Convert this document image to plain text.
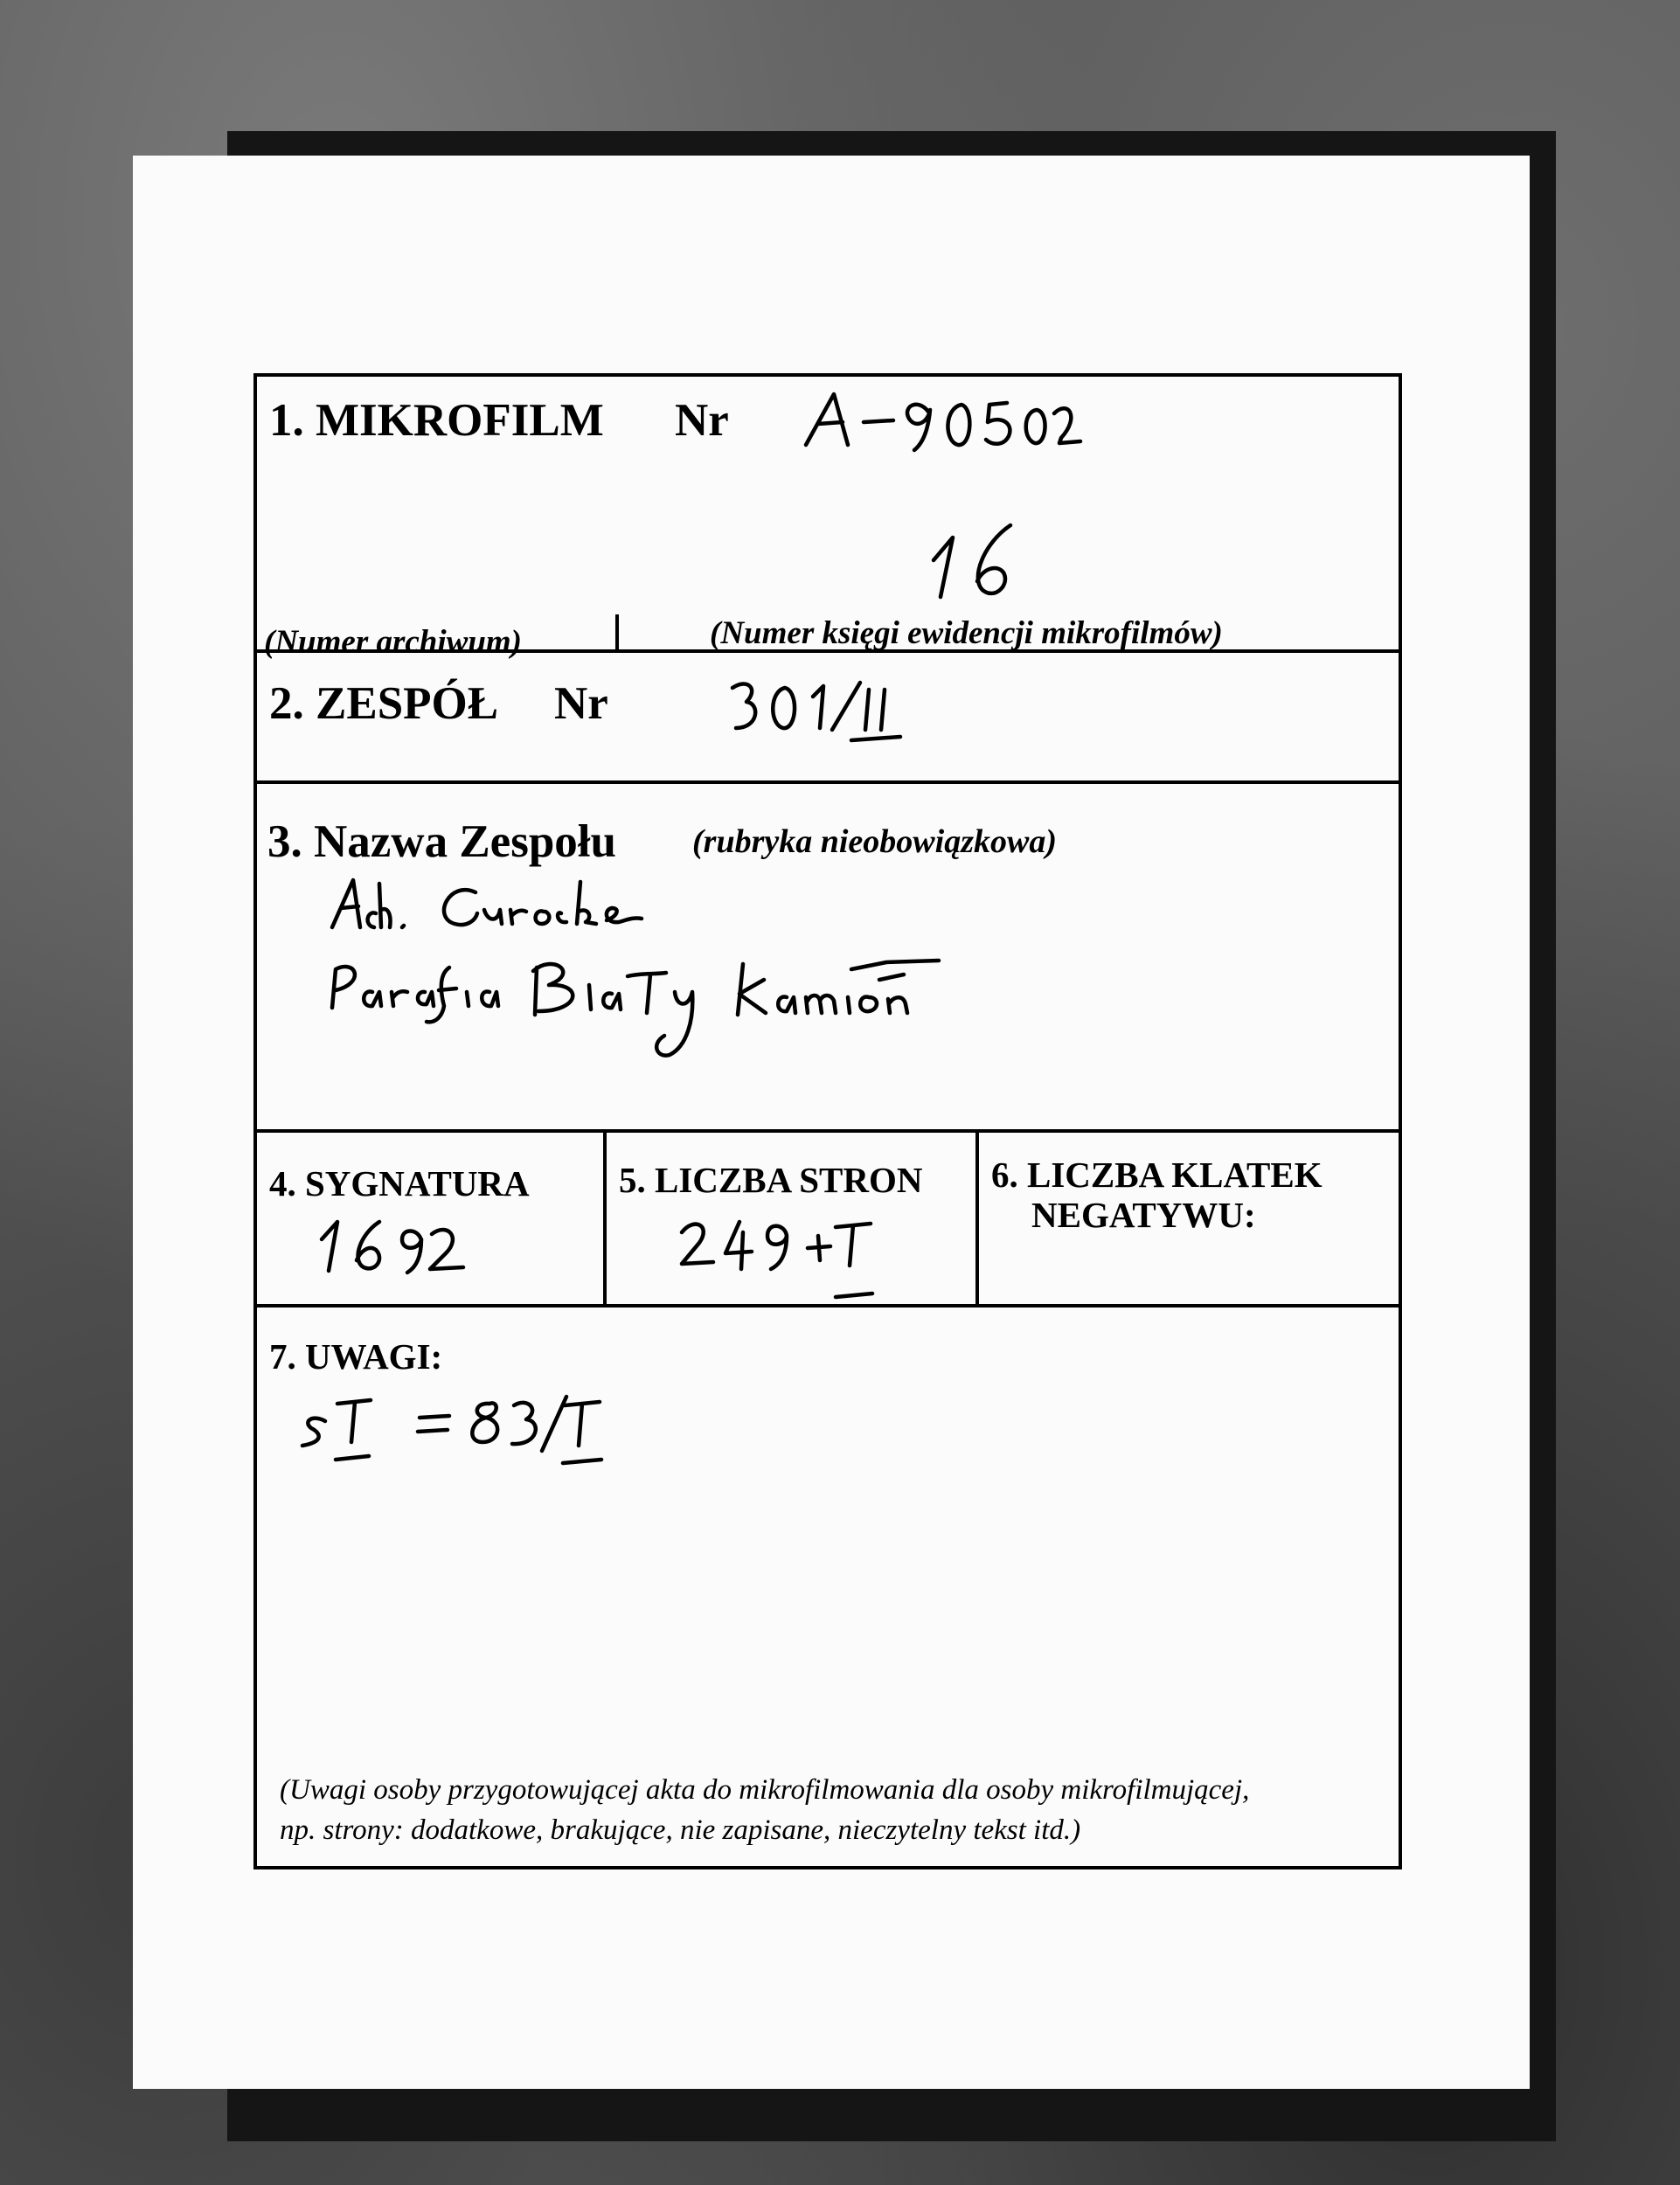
1. MIKROFILM Nr
(Numer archiwum)	(Numer księgi ewidencji mikrofilmów)
2. ZESPÓŁ Nr
3. Nazwa Zespołu (rubryka nieobowiązkowa)
4. SYGNATURA 5. LICZBA STRON 6. LICZBA KLATEK
NEGATYWU:
7. UWAGI:
(Uwagi osoby przygotowującej akta do mikrofilmowania dla osoby mikrofilmującej,
np. strony: dodatkowe, brakujące, nie zapisane, nieczytelny tekst itd.)
